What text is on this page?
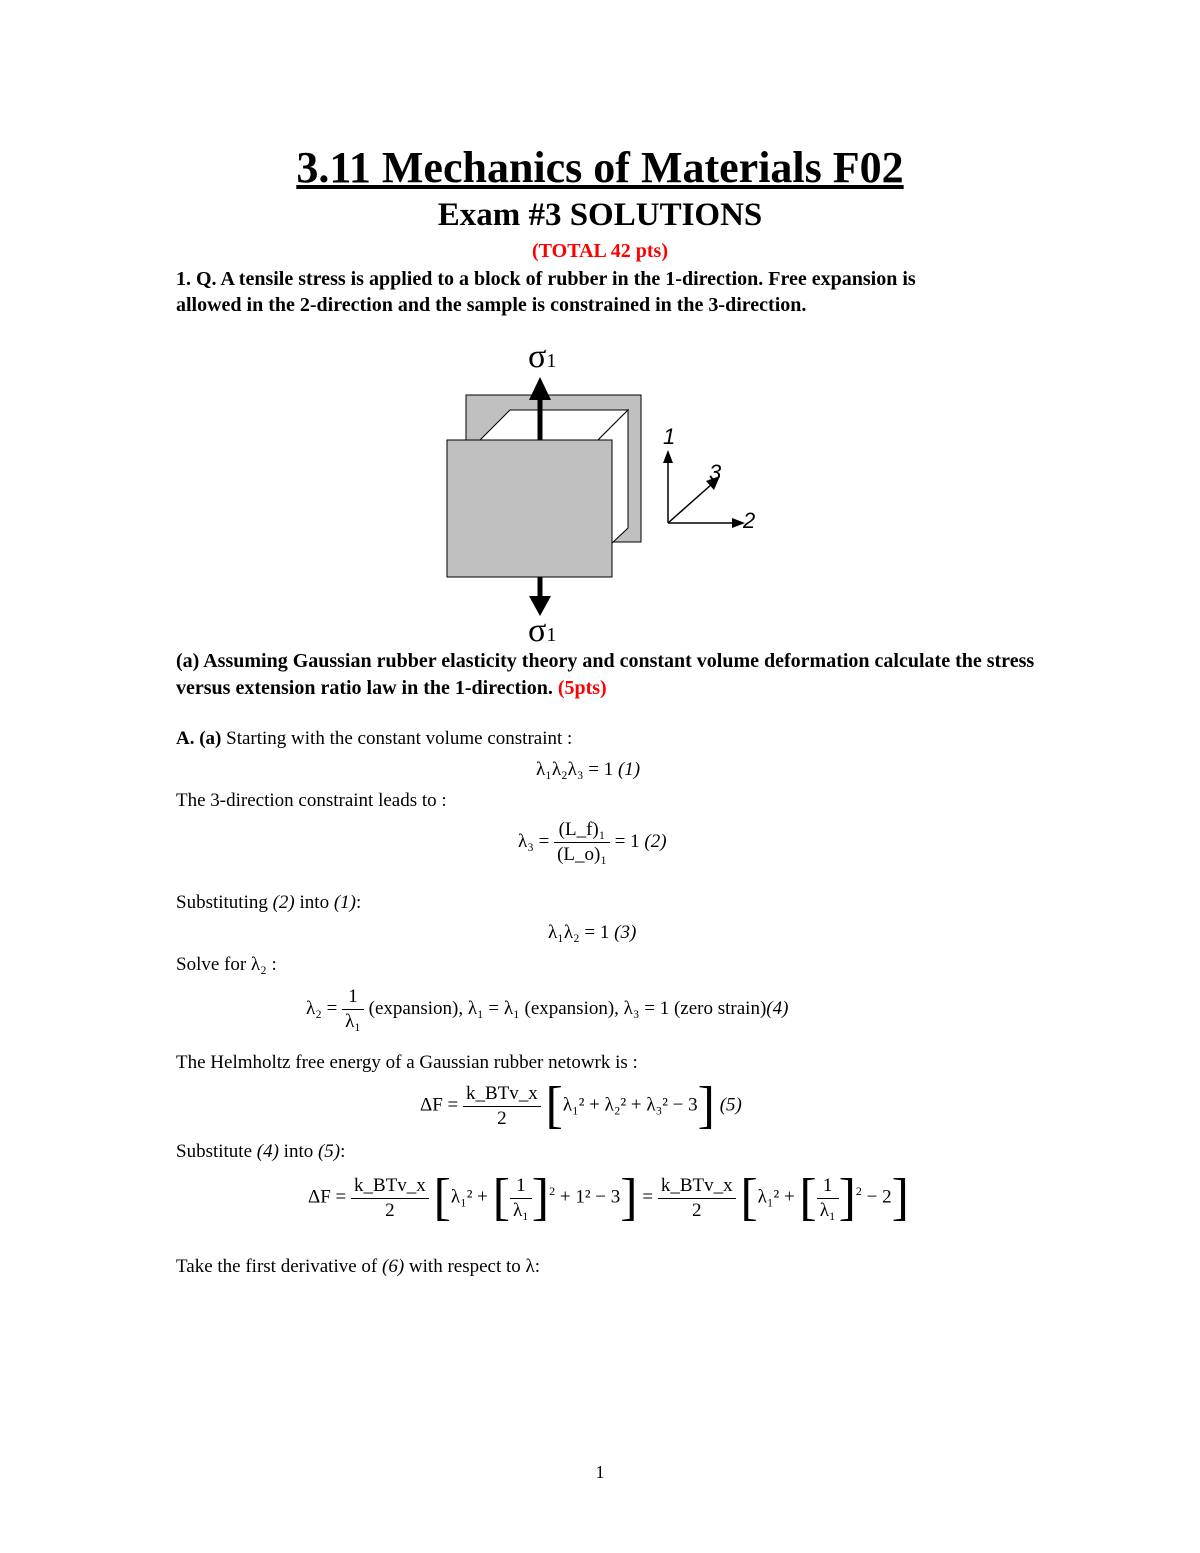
3.11 Mechanics of Materials F02
Exam #3 SOLUTIONS
(TOTAL 42 pts)
1. Q. A tensile stress is applied to a block of rubber in the 1-direction. Free expansion is allowed in the 2-direction and the sample is constrained in the 3-direction.
σ1
σ1
1
3
2
(a) Assuming Gaussian rubber elasticity theory and constant volume deformation calculate the stress versus extension ratio law in the 1-direction. (5pts)
A. (a) Starting with the constant volume constraint :
λ₁λ₂λ₃ = 1 (1)
The 3-direction constraint leads to :
$\lambda_3 = \frac{\text{(L\_f)₁}}{\text{(L\_o)₁}} = 1$ (2)
Substituting (2) into (1):
λ₁λ₂ = 1 (3)
Solve for λ₂ :
$\lambda_2 = \frac{1}{\text{λ₁}}$ (expansion), λ₁ = λ₁ (expansion), λ₃ = 1 (zero strain)(4)
The Helmholtz free energy of a Gaussian rubber netowrk is :
$\Delta F = \frac{\text{k\_BTv\_x}}{2} [\lambda_1^2 + \lambda_2^2 + \lambda_3^2 - 3]$ (5)
Substitute (4) into (5):
$\Delta F = \frac{\text{k\_BTv\_x}}{2} [\lambda_1^2$ + [ $\frac{1}{\text{λ₁}} ]^2 + 1^2 - 3] = \frac{\text{k\_BTv\_x}}{2} [\lambda_1^2$ + [ $\frac{1}{\text{λ₁}} ]^2 - 2$]
Take the first derivative of (6) with respect to λ:
1
